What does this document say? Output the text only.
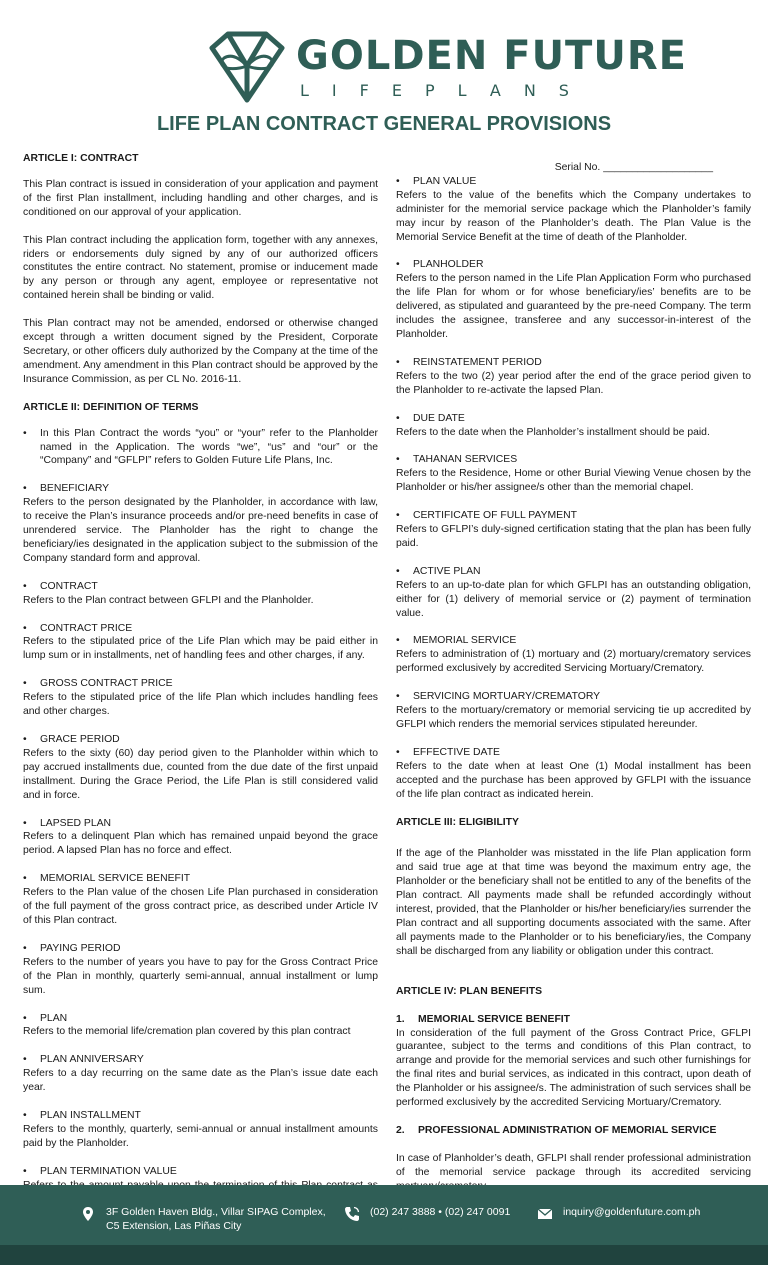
GOLDEN FUTURE
LIFEPLANS
LIFE PLAN CONTRACT GENERAL PROVISIONS
ARTICLE I: CONTRACT

This Plan contract is issued in consideration of your application and payment of the first Plan installment, including handling and other charges, and is conditioned on our approval of your application.

This Plan contract including the application form, together with any annexes, riders or endorsements duly signed by any of our authorized officers constitutes the entire contract. No statement, promise or inducement made by any person or through any agent, employee or representative not contained herein shall be binding or valid.

This Plan contract may not be amended, endorsed or otherwise changed except through a written document signed by the President, Corporate Secretary, or other officers duly authorized by the Company at the time of the amendment. Any amendment in this Plan contract should be approved by the Insurance Commission, as per CL No. 2016-11.

ARTICLE II: DEFINITION OF TERMS
•	In this Plan Contract the words “you” or “your” refer to the Planholder named in the Application. The words “we”, “us” and “our” or the “Company” and “GFLPI” refers to Golden Future Life Plans, Inc.
• BENEFICIARY
Refers to the person designated by the Planholder, in accordance with law, to receive the Plan’s insurance proceeds and/or pre-need benefits in case of unrendered service. The Planholder has the right to change the beneficiary/ies designated in the application subject to the submission of the Company standard form and approval.
• CONTRACT
Refers to the Plan contract between GFLPI and the Planholder.
• CONTRACT PRICE
Refers to the stipulated price of the Life Plan which may be paid either in lump sum or in installments, net of handling fees and other charges, if any.
• GROSS CONTRACT PRICE
Refers to the stipulated price of the life Plan which includes handling fees and other charges.
• GRACE PERIOD
Refers to the sixty (60) day period given to the Planholder within which to pay accrued installments due, counted from the due date of the first unpaid installment. During the Grace Period, the Life Plan is still considered valid and in force.
• LAPSED PLAN
Refers to a delinquent Plan which has remained unpaid beyond the grace period. A lapsed Plan has no force and effect.
• MEMORIAL SERVICE BENEFIT
Refers to the Plan value of the chosen Life Plan purchased in consideration of the full payment of the gross contract price, as described under Article IV of this Plan contract.
• PAYING PERIOD
Refers to the number of years you have to pay for the Gross Contract Price of the Plan in monthly, quarterly semi-annual, annual installment or lump sum.
• PLAN
Refers to the memorial life/cremation plan covered by this plan contract
• PLAN ANNIVERSARY
Refers to a day recurring on the same date as the Plan’s issue date each year.
• PLAN INSTALLMENT
Refers to the monthly, quarterly, semi-annual or annual installment amounts paid by the Planholder.
• PLAN TERMINATION VALUE
Serial No. ___________________
• PLAN VALUE
Refers to the value of the benefits which the Company undertakes to administer for the memorial service package which the Planholder’s family may incur by reason of the Planholder’s death. The Plan Value is the Memorial Service Benefit at the time of death of the Planholder.
• PLANHOLDER
Refers to the person named in the Life Plan Application Form who purchased the life Plan for whom or for whose beneficiary/ies’ benefits are to be delivered, as stipulated and guaranteed by the pre-need Company. The term includes the assignee, transferee and any successor-in-interest of the Planholder.
• REINSTATEMENT PERIOD
Refers to the two (2) year period after the end of the grace period given to the Planholder to re-activate the lapsed Plan.
• DUE DATE
Refers to the date when the Planholder’s installment should be paid.
• TAHANAN SERVICES
Refers to the Residence, Home or other Burial Viewing Venue chosen by the Planholder or his/her assignee/s other than the memorial chapel.
• CERTIFICATE OF FULL PAYMENT
Refers to GFLPI’s duly-signed certification stating that the plan has been fully paid.
• ACTIVE PLAN
Refers to an up-to-date plan for which GFLPI has an outstanding obligation, either for (1) delivery of memorial service or (2) payment of termination value.
• MEMORIAL SERVICE
Refers to administration of (1) mortuary and (2) mortuary/crematory services performed exclusively by accredited Servicing Mortuary/Crematory.
• SERVICING MORTUARY/CREMATORY
Refers to the mortuary/crematory or memorial servicing tie up accredited by GFLPI which renders the memorial services stipulated hereunder.
• EFFECTIVE DATE
Refers to the date when at least One (1) Modal installment has been accepted and the purchase has been approved by GFLPI with the issuance of the life plan contract as indicated herein.
ARTICLE III: ELIGIBILITY

If the age of the Planholder was misstated in the life Plan application form and said true age at that time was beyond the maximum entry age, the Planholder or the beneficiary shall not be entitled to any of the benefits of the Plan contract. All payments made shall be refunded accordingly without interest, provided, that the Planholder or his/her beneficiary/ies surrender the Plan contract and all supporting documents associated with the same. After all payments made to the Planholder or to his beneficiary/ies, the Company shall be discharged from any liability or obligation under this contract.

ARTICLE IV: PLAN BENEFITS
1. MEMORIAL SERVICE BENEFIT

In consideration of the full payment of the Gross Contract Price, GFLPI guarantee, subject to the terms and conditions of this Plan contract, to arrange and provide for the memorial services and such other furnishings for the final rites and burial services, as indicated in this contract, upon death of the Planholder or his assignee/s. The administration of such services shall be performed exclusively by the accredited Servicing Mortuary/Crematory.

2. PROFESSIONAL ADMINISTRATION OF MEMORIAL SERVICE

In case of Planholder’s death, GFLPI shall render professional administration of the memorial service package through its accredited servicing

3F Golden Haven Bldg., Villar SIPAG Complex,
C5 Extension, Las Piñas City
(02) 247 3888 • (02) 247 0091	inquiry@goldenfuture.com.ph
